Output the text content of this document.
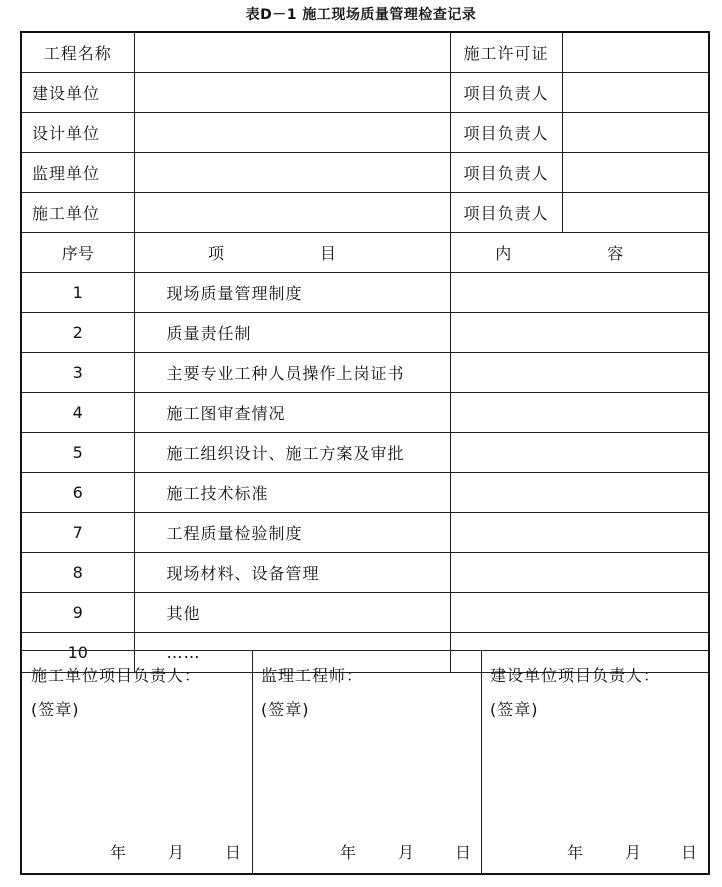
表D－1 施工现场质量管理检查记录
工程名称		施工许可证	
建设单位		项目负责人	
设计单位		项目负责人	
监理单位		项目负责人	
施工单位		项目负责人	
序号	项　目	内　容	
1	现场质量管理制度		
2	质量责任制		
3	主要专业工种人员操作上岗证书		
4	施工图审查情况		
5	施工组织设计、施工方案及审批		
6	施工技术标准		
7	工程质量检验制度		
8	现场材料、设备管理		
9	其他		
10	……		
施工单位项目负责人：
(签章)
年	月	日
监理工程师：
(签章)
年	月	日
建设单位项目负责人：
(签章)
年	月 日
